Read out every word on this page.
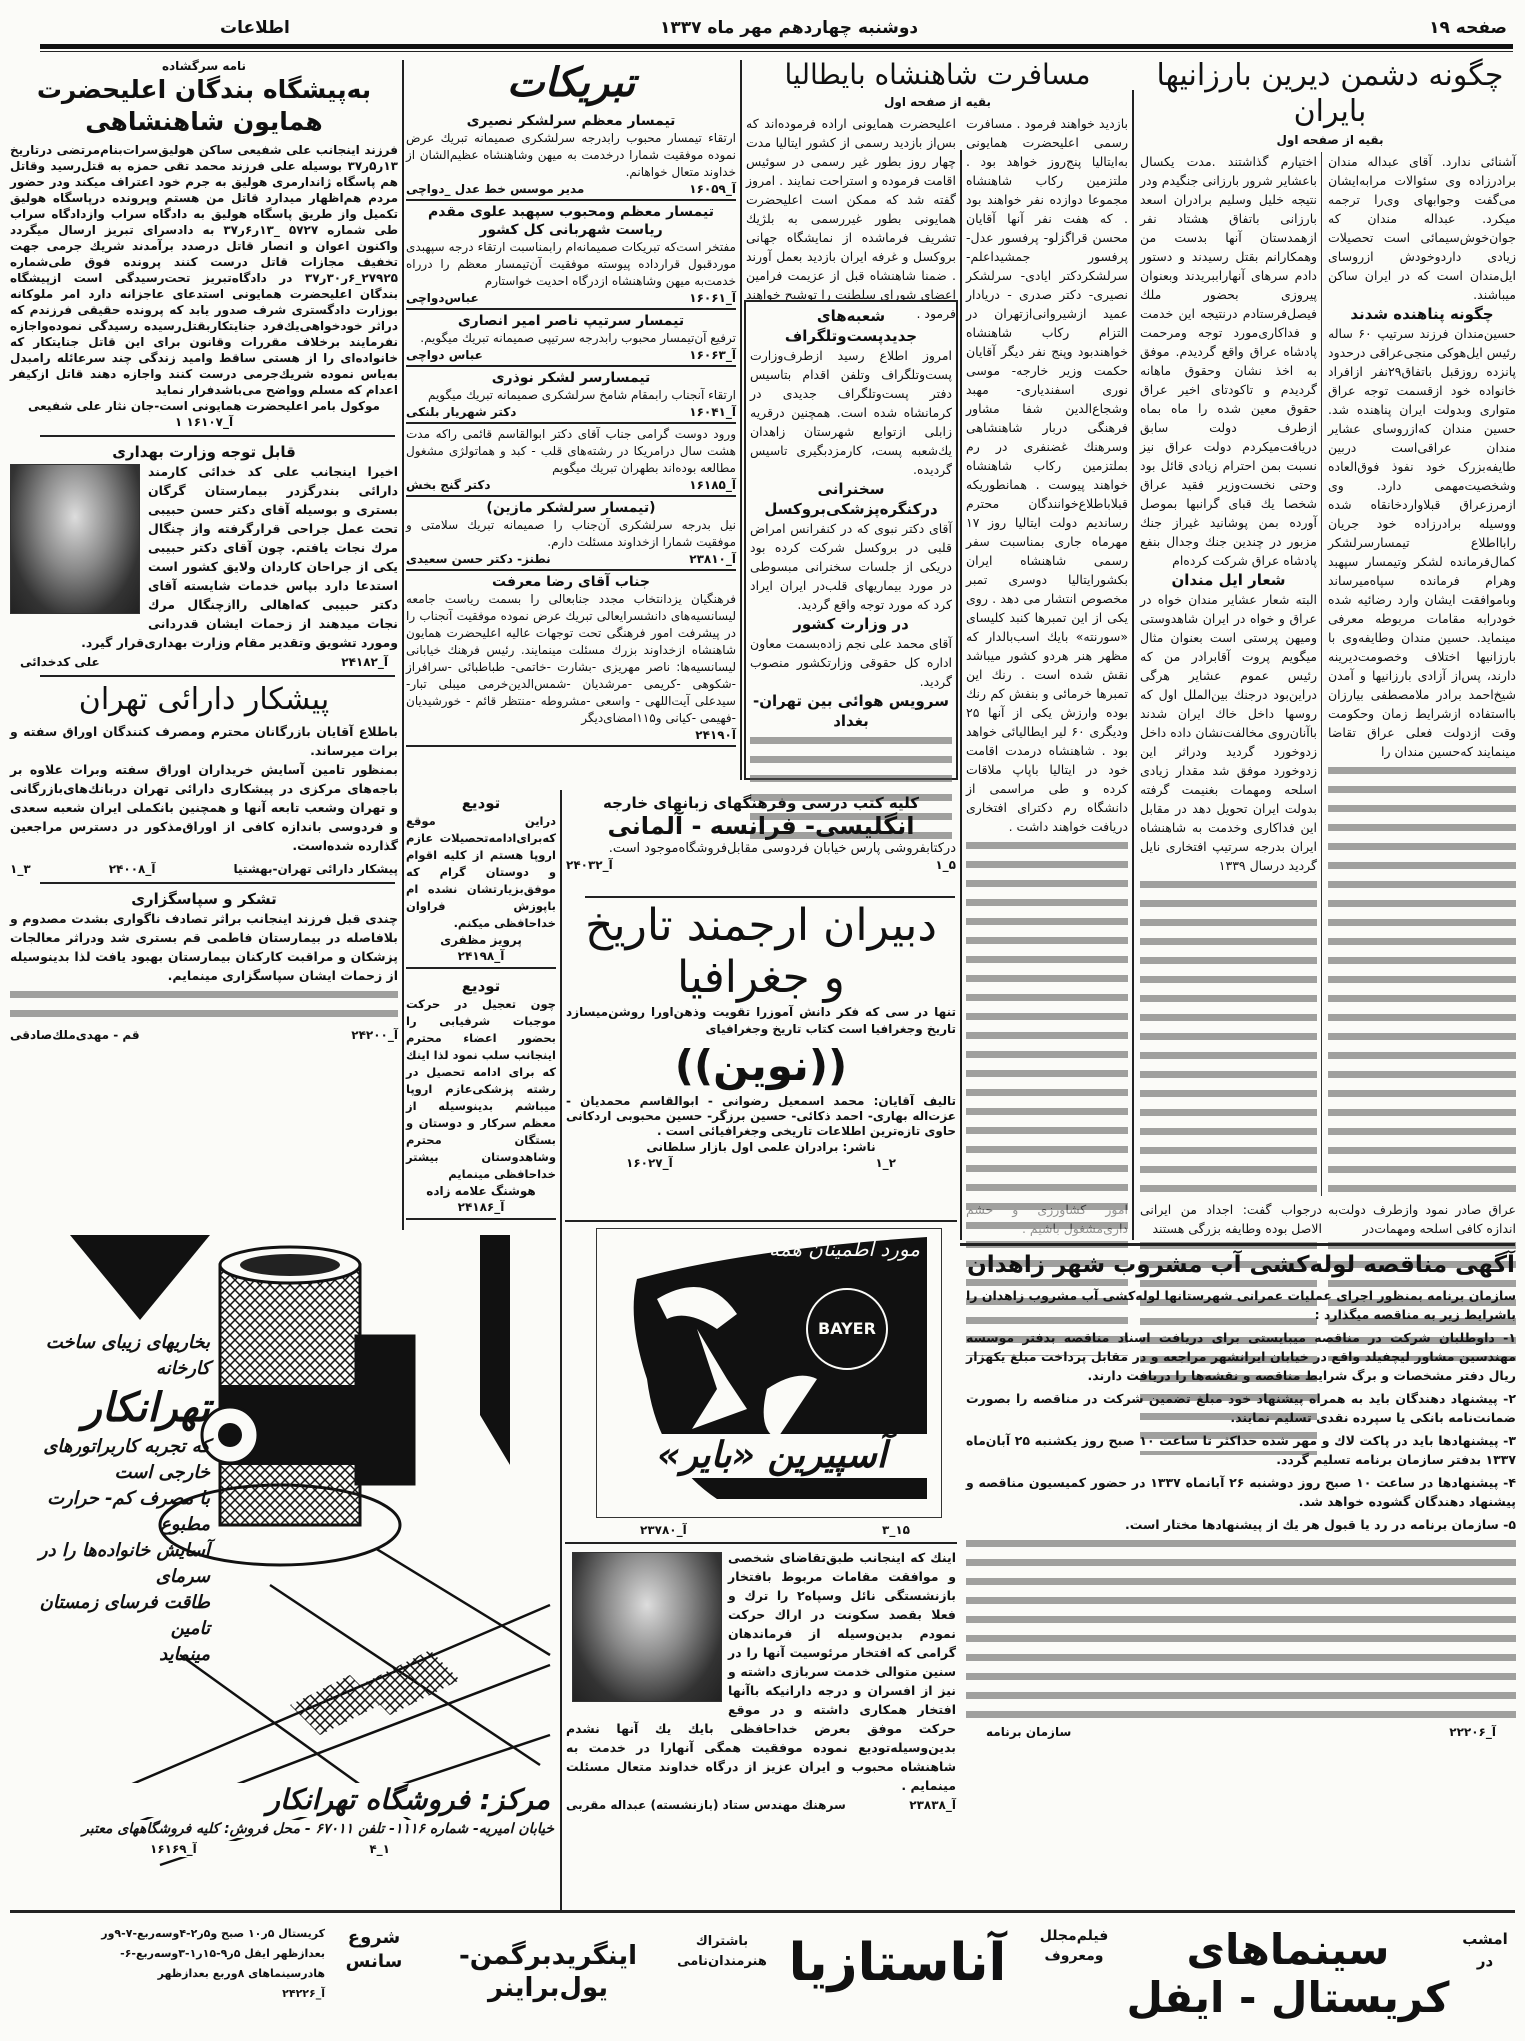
صفحه ۱۹
دوشنبه چهاردهم مهر ماه ۱۳۳۷
اطلاعات
چگونه دشمن دیرین بارزانیها بایران
بقیه از صفحه اول
آشنائی ندارد. آقای عبداله مندان برادرزاده وی سئوالات مرابه‌ایشان می‌گفت وجوابهای وی‌را ترجمه میکرد. عبداله مندان که جوان‌خوش‌سیمائی است تحصیلات زیادی داردوخودش ازروسای ایل‌مندان است که در ایران ساکن میباشند.
چگونه پناهنده شدند
حسین‌مندان فرزند سرتیپ ۶۰ ساله رئیس ایل‌هوکی منجی‌عراقی درحدود پانزده روزقبل باتفاق۲۹نفر ازافراد خانواده خود ازقسمت توجه عراق متواری وبدولت ایران پناهنده شد. حسین مندان که‌ازروسای عشایر مندان عراقی‌است دربین طایفه‌بزرک خود نفوذ فوق‌العاده وشخصیت‌مهمی دارد. وی ازمرزعراق قبلاواردخانقاه شده ووسیله برادرزاده خود جریان رابااطلاع تیمسارسرلشکر کمال‌فرمانده لشکر وتیمسار سپهبد وهرام فرمانده سپاه‌میرساند وباموافقت ایشان وارد رضائیه شده خودرابه مقامات مربوطه معرفی مینماید. حسین مندان وطایفه‌وی با بارزانیها اختلاف وخصومت‌دیرینه دارند، پس‌از آزادی بارزانیها و آمدن شیخ‌احمد برادر ملامصطفی بیارزان بااستفاده ازشرایط زمان وحکومت وقت ازدولت فعلی عراق تقاضا مینمایند که‌حسین مندان را
اختیارم گذاشتند .مدت یکسال باعشایر شرور بارزانی جنگیدم ودر نتیجه خلیل وسلیم برادران اسعد بارزانی باتفاق هشتاد نفر ازهمدستان آنها بدست من وهمکارانم بقتل رسیدند و دستور دادم سرهای آنهاراببریدند وبعنوان پیروزی بحضور ملك فیصل‌فرستادم درنتیجه این خدمت و فداکاری‌مورد توجه ومرحمت پادشاه عراق واقع گردیدم. موفق به اخذ نشان وحقوق ماهانه گردیدم و تاکودتای اخیر عراق حقوق معین شده را ماه بماه ازطرف دولت سابق دریافت‌میکردم دولت عراق نیز نسبت بمن احترام زیادی قائل بود وحتی نخست‌وزیر فقید عراق شخصا یك قبای گرانبها بموصل آورده بمن پوشانید غیراز جنك مزبور در چندین جنك وجدال بنفع پادشاه عراق شرکت کرده‌ام
شعار ایل مندان
البته شعار عشایر مندان خواه در عراق و خواه در ایران شاهدوستی ومیهن پرستی است بعنوان مثال میگویم پروت آقابرادر من که رئیس عموم عشایر هرگی دراین‌بود درجنك بین‌الملل اول که روسها داخل خاك ایران شدند باآنان‌روی مخالفت‌نشان داده داخل زدوخورد گردید ودراثر این زدوخورد موفق شد مقدار زیادی اسلحه ومهمات بغنیمت گرفته بدولت ایران تحویل دهد در مقابل این فداکاری وخدمت به شاهنشاه ایران بدرجه سرتیپ افتخاری نایل گردید درسال ۱۳۳۹
عراق صادر نمود وازطرف دولت‌به اندازه کافی اسلحه ومهمات‌در
درجواب گفت: اجداد من ایرانی الاصل بوده وطایفه بزرگی هستند
مسافرت شاهنشاه بایطالیا
بقیه از صفحه اول
اعلیحضرت همایونی اراده فرموده‌اند که بس‌از بازدید رسمی از کشور ایتالیا مدت چهار روز بطور غیر رسمی در سوئیس اقامت فرموده و استراحت نمایند . امروز گفته شد که ممکن است اعلیحضرت همایونی بطور غیررسمی به بلژیك تشریف فرماشده از نمایشگاه جهانی بروکسل و غرفه ایران بازدید بعمل آورند . ضمنا شاهنشاه قبل از عزیمت فرامین اعضای شورای سلطنت را توشیح خواهند فرمود .
بازدید خواهند فرمود . مسافرت رسمی اعلیحضرت همایونی به‌ایتالیا پنج‌روز خواهد بود . ملتزمین رکاب شاهنشاه مجموعا دوازده نفر خواهند بود . که هفت نفر آنها آقایان محسن قراگزلو- پرفسور عدل- پرفسور جمشیداعلم- سرلشکردکتر ایادی- سرلشکر نصیری- دکتر صدری - دریادار عمید ازشیروانی‌ازتهران در التزام رکاب شاهنشاه خواهندبود وپنج نفر دیگر آقایان حکمت وزیر خارجه- موسی نوری اسفندیاری- مهبد وشجاع‌الدین شفا مشاور فرهنگی دربار شاهنشاهی وسرهنك غضنفری در رم بملتزمین رکاب شاهنشاه خواهند پیوست . همانطوریکه قبلاباطلاع‌خوانندگان محترم رساندیم دولت ایتالیا روز ۱۷ مهرماه جاری بمناسبت سفر رسمی شاهنشاه ایران بکشورایتالیا دوسری تمبر مخصوص انتشار می دهد . روی یکی از این تمبرها کنبد کلیسای «سورنته» بایك اسب‌بالدار که مظهر هنر هردو کشور میباشد نقش شده است . رنك این تمبرها خرمائی و بنفش کم رنك بوده وارزش یکی از آنها ۲۵ ودیگری ۶۰ لیر ایطالیائی خواهد بود . شاهنشاه درمدت اقامت خود در ایتالیا باپاپ ملاقات کرده و طی مراسمی از دانشگاه رم دکترای افتخاری دریافت خواهند داشت .
شعبه‌های جدیدپست‌وتلگراف
امروز اطلاع رسید ازطرف‌وزارت پست‌وتلگراف وتلفن اقدام بتاسیس دفتر پست‌وتلگراف جدیدی در کرمانشاه شده است. همچنین درقریه زابلی ازتوابع شهرستان زاهدان یك‌شعبه پست، کارمزدبگیری تاسیس گردیده.
سخنرانی درکنگره‌پزشکی‌بروکسل
آقای دکتر نبوی که در کنفرانس امراض قلبی در بروکسل شرکت کرده بود دریکی از جلسات سخنرانی مبسوطی در مورد بیماریهای قلب‌در ایران ایراد کرد که مورد توجه واقع گردید.
در وزارت کشور
آقای محمد علی نجم زاده‌بسمت معاون اداره کل حقوقی وزارتکشور منصوب گردید.
سرویس هوائی بین تهران- بغداد
تبریکات
تیمسار معظم سرلشکر نصیری
ارتقاء تیمسار محبوب رابدرجه سرلشکری صمیمانه تبریك عرض نموده موفقیت شمارا درخدمت به میهن وشاهنشاه عظیم‌الشان از خداوند متعال خواهانم.
آ_۱۶۰۵۹
مدیر موسس خط عدل _دواچی
تیمسار معظم ومحبوب سپهبد علوی مقدم ریاست شهربانی کل کشور
مفتخر است‌که تبریکات صمیمانه‌ام رابمناسبت ارتقاء درجه سپهبدی موردقبول قرارداده پیوسته موفقیت آن‌تیمسار معظم را درراه خدمت‌به میهن وشاهنشاه ازدرگاه احدیت خواستارم
آ_۱۶۰۶۱
عباس‌دواچی
تیمسار سرتیپ ناصر امیر انصاری
ترفیع آن‌تیمسار محبوب رابدرجه سرتیپی صمیمانه تبریك میگویم.
آ_۱۶۰۶۳
عباس دواچی
تیمسارسر لشکر نوذری
ارتقاء آنجناب رابمقام شامخ سرلشکری صمیمانه تبریك میگویم
آ_۱۶۰۴۱
دکتر شهریار بلنکی
ورود دوست گرامی جناب آقای دکتر ابوالقاسم قائمی راکه مدت هشت سال درامریکا در رشته‌های قلب - کبد و هماتولژی مشغول مطالعه بوده‌اند بطهران تبریك میگویم
آ_۱۶۱۸۵
دکتر گنج بخش
(تیمسار سرلشکر مازین)
نیل بدرجه سرلشکری آن‌جناب را صمیمانه تبریك سلامتی و موفقیت شمارا ازخداوند مسئلت دارم.
آ_۲۳۸۱۰
نطنز- دکتر حسن سعیدی
جناب آقای رضا معرفت
فرهنگیان یزدانتخاب مجدد جنابعالی را بسمت ریاست جامعه لیسانسیه‌های دانشسرایعالی تبریك عرض نموده موفقیت آنجناب را در پیشرفت امور فرهنگی تحت توجهات عالیه اعلیحضرت همایون شاهنشاه ازخداوند بزرك مسئلت مینمایند. رئیس فرهنك خیابانی لیسانسیه‌ها: ناصر مهریزی -بشارت -خاتمی- طباطبائی -سرافراز -شکوهی -کریمی -مرشدیان -شمس‌الدین‌خرمی میبلی تبار- سیدعلی آیت‌اللهی - واسعی -مشروطه -منتظر قائم - خورشیدیان -فهیمی -کیانی و۱۱۵امضای‌دیگر
آ۲۴۱۹۰
نامه سرگشاده
به‌پیشگاه بندگان اعلیحضرت همایون شاهنشاهی
فرزند اینجانب علی شفیعی ساکن هولیق‌سرات‌بنام‌مرتضی درتاریخ ۱۳ر۵ر۳۷ بوسیله علی فرزند محمد تقی حمزه به قتل‌رسید وقاتل هم پاسگاه ژاندارمری هولیق به جرم خود اعتراف میکند ودر حضور مردم هم‌اظهار میدارد قاتل من هستم وپرونده درپاسگاه هولیق تکمیل واز طریق پاسگاه هولیق به دادگاه سراب وازدادگاه سراب طی شماره ۵۷۲۷ _۱۳ر۶ر۳۷ به دادسرای تبریز ارسال میگردد واکنون اعوان و انصار قاتل درصدد برآمدند شریك جرمی جهت تخفیف مجازات قاتل درست کنند پرونده فوق طی‌شماره ۲۷۹۲۵_۶ر۳۰ر۳۷ در دادگاه‌تبریز تحت‌رسیدگی است ازپیشگاه بندگان اعلیحضرت همایونی استدعای عاجزانه دارد امر ملوکانه بوزارت دادگستری شرف صدور یابد که پرونده حقیقی فرزندم که دراثر خودخواهی‌یك‌فرد جنایتکاربقتل‌رسیده رسیدگی نموده‌واجازه نفرمایند برخلاف مقررات وقانون برای این قاتل جنایتکار که خانواده‌ای را از هستی ساقط وامید زندگی چند سرعائله رامبدل به‌یاس نموده شریك‌جرمی درست کنند واجازه دهند قاتل ازکیفر اعدام که مسلم وواضح می‌باشدفرار نماید
موکول بامر اعلیحضرت همایونی است-جان نثار علی شفیعی
آ_۱۶۱۰۷ ۱
قابل توجه وزارت بهداری
اخیرا اینجانب علی کد خدائی کارمند دارائی بندرگزدر بیمارستان گرگان بستری و بوسیله آقای دکتر حسن حبیبی تحت عمل جراحی قرارگرفته واز چنگال مرك نجات یافتم. چون آقای دکتر حبیبی یکی از جراحان کاردان ولایق کشور است استدعا دارد بپاس خدمات شایسته آقای دکتر حبیبی که‌اهالی رااز‌چنگال مرك نجات میدهند از زحمات ایشان قدردانی ومورد تشویق وتقدیر مقام وزارت بهداری‌قرار گیرد.
آ_۲۴۱۸۲
علی کدخدائی
پیشکار دارائی تهران
باطلاع آقایان بازرگانان محترم ومصرف کنندگان اوراق سفته و برات میرساند.
بمنظور تامین آسایش خریداران اوراق سفته وبرات علاوه بر باجه‌های مرکزی در پیشکاری دارائی تهران دربانك‌های‌بازرگانی و تهران وشعب تابعه آنها و همچنین بانکملی ایران شعبه سعدی و فردوسی باندازه کافی از اوراق‌مذکور در دسترس مراجعین گذارده شده‌است.
پیشکار دارائی تهران-بهشتیا
آ_۲۴۰۰۸
۳_۱
تشکر و سپاسگزاری
چندی قبل فرزند اینجانب براثر تصادف ناگواری بشدت مصدوم و بلافاصله در بیمارستان فاطمی قم بستری شد ودراثر معالجات پزشکان و مراقبت کارکنان بیمارستان بهبود یافت لذا بدینوسیله از زحمات ایشان سپاسگزاری مینمایم.
آ_۲۴۲۰۰
قم - مهدی‌ملك‌صادقی
تودیع
دراین موقع که‌برای‌ادامه‌تحصیلات عازم اروپا هستم از کلیه اقوام و دوستان گرام که موفق‌بزیارتشان نشده ام باپوزش فراوان خداحافظی میکنم.
پرویز مظفری
آ_۲۴۱۹۸
تودیع
چون تعجیل در حرکت موجبات شرفیابی را بحضور اعضاء محترم اینجانب سلب نمود لذا اینك که برای ادامه تحصیل در رشته پزشکی‌عازم اروپا میباشم بدینوسیله از معظم سرکار و دوستان و بستگان محترم وشاهدوستان بیشتر خداحافظی مینمایم
هوشنگ علامه زاده
آ_۲۴۱۸۶
کلیه کتب درسی وفرهنگهای زبانهای خارجه
انگلیسی- فرانسه - آلمانی
درکتابفروشی پارس خیابان فردوسی مقابل‌فروشگاه‌موجود است.
۵_۱
آ_۲۴۰۳۲
دبیران ارجمند تاریخ
و جغرافیا
تنها در سی که فکر دانش آموزرا تقویت وذهن‌اورا روشن‌میسازد تاریخ وجغرافیا است کتاب تاریخ وجغرافیای
((نوین))
تالیف آقایان: محمد اسمعیل رضوانی - ابوالقاسم محمدیان - عزت‌اله بهاری- احمد ذکائی- حسین برزگر- حسین محبوبی اردکانی حاوی تازه‌ترین اطلاعات تاریخی وجغرافیائی است .
ناشر: برادران علمی اول بازار سلطانی
۲_۱
آ_۱۶۰۲۷
مورد اطمینان همه
BAYER
آسپیرین «بایر»
۱۵_۳
آ_۲۳۷۸۰
اینك که اینجانب طبق‌تقاضای شخصی و موافقت مقامات مربوط بافتخار بازنشستگی نائل وسپاه۲ را ترك و فعلا بقصد سکونت در اراك حرکت نمودم بدین‌وسیله از فرماندهان گرامی که افتخار مرئوسیت آنها را در سنین متوالی خدمت سربازی داشته و نیز از افسران و درجه دارانیکه باآنها افتخار همکاری داشته و در موقع حرکت موفق بعرض خداحافظی بایك یك آنها نشدم بدین‌وسیله‌تودیع نموده موفقیت همگی آنهارا در خدمت به شاهنشاه محبوب و ایران عزیز از درگاه خداوند متعال مسئلت مینمایم .
آ_۲۳۸۳۸
سرهنك مهندس ستاد (بازنشسته) عبداله مقربی
بخاریهای زیبای ساخت کارخانه
تهرانکار
که تجربه کاربراتورهای خارجی است
با مصرف کم- حرارت مطبوع
آسایش خانواده‌ها را در سرمای
طاقت فرسای زمستان تامین
مینماید
مرکز: فروشگاه تهرانکار
خیابان امیریه- شماره ۱۱۱۶- تلفن ۶۷۰۱۱ - محل فروش: کلیه فروشگاههای معتبر
۱_۴
آ_۱۶۱۶۹
آگهی مناقصه لوله‌کشی آب مشروب شهر زاهدان
سازمان برنامه بمنظور اجرای عملیات عمرانی شهرستانها لوله‌کشی آب مشروب زاهدان را باشرایط زیر به مناقصه میگذارد :
۱- داوطلبان شرکت در مناقصه میبایستی برای دریافت اسناد مناقصه بدفتر موسسه مهندسین مشاور لیچفیلد واقع در خیابان ایرانشهر مراجعه و در مقابل پرداخت مبلغ یکهزار ریال دفتر مشخصات و برگ شرایط مناقصه و نقشه‌ها را دریافت دارند.
۲- پیشنهاد دهندگان باید به همراه پیشنهاد خود مبلغ تضمین شرکت در مناقصه را بصورت ضمانت‌نامه بانکی یا سپرده نقدی تسلیم نمایند.
۳- پیشنهادها باید در پاکت لاك و مهر شده حداکثر تا ساعت ۱۰ صبح روز یکشنبه ۲۵ آبان‌ماه ۱۳۳۷ بدفتر سازمان برنامه تسلیم گردد.
۴- پیشنهادها در ساعت ۱۰ صبح روز دوشنبه ۲۶ آبانماه ۱۳۳۷ در حضور کمیسیون مناقصه و پیشنهاد دهندگان گشوده خواهد شد.
۵- سازمان برنامه در رد یا قبول هر یك از پیشنهادها مختار است.
آ_۲۲۲۰۶
سازمان برنامه
امشب در
سینماهای کریستال - ایفل
فیلم‌مجلل ومعروف
آناستازیا
باشتراك هنرمندان‌نامی
اینگرید‌برگمن-یول‌براینر
شروع سانس
کریستال ۵ر۱۰ صبح و۵ر۲-۴وسه‌ربع-۷-۹ور
بعدازظهر ایفل ۵ر۹-۱۵ر۱-۳وسه‌ربع-۶-
هادرسینماهای ۸وربع بعدازظهر
آ_۲۴۲۲۶
